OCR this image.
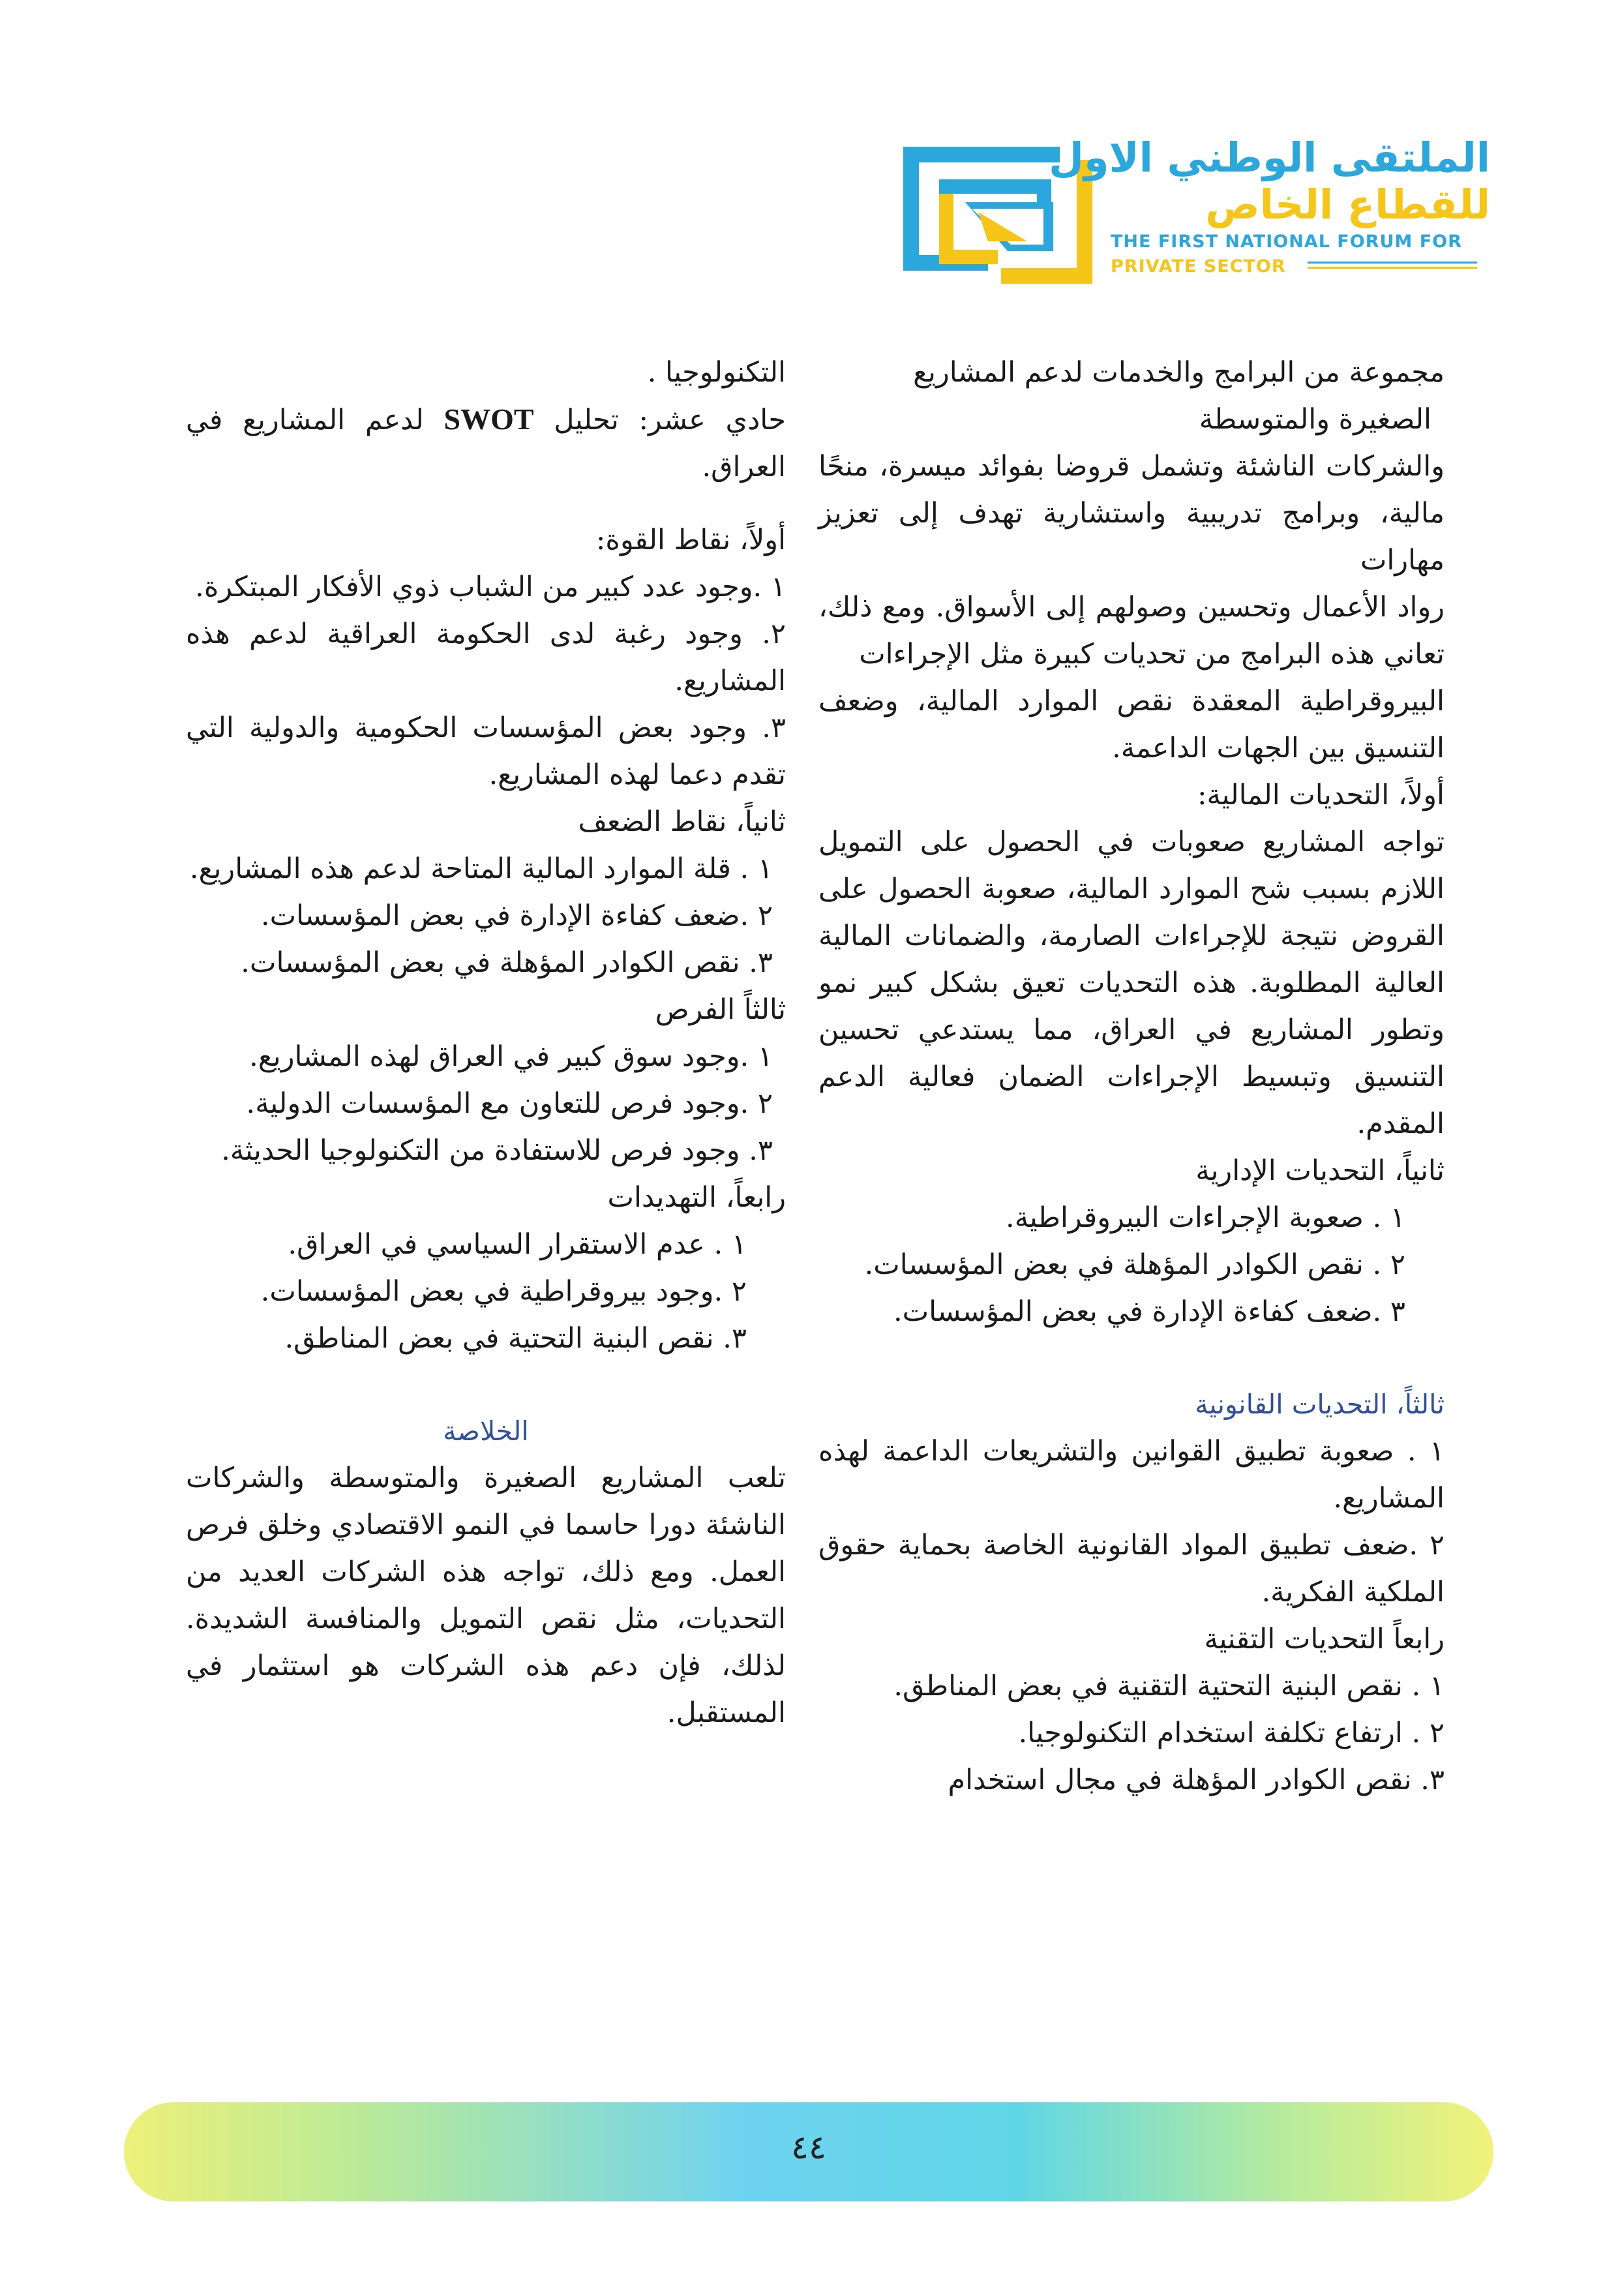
الملتقى الوطني الاول
للقطاع الخاص
THE FIRST NATIONAL FORUM FOR
PRIVATE SECTOR

مجموعة من البرامج والخدمات لدعم المشاريع

الصغيرة والمتوسطة

والشركات الناشئة وتشمل قروضا بفوائد ميسرة، منحًا مالية، وبرامج تدريبية واستشارية تهدف إلى تعزيز مهارات

رواد الأعمال وتحسين وصولهم إلى الأسواق. ومع ذلك، تعاني هذه البرامج من تحديات كبيرة مثل الإجراءات

البيروقراطية المعقدة نقص الموارد المالية، وضعف التنسيق بين الجهات الداعمة.

أولاً، التحديات المالية:

تواجه المشاريع صعوبات في الحصول على التمويل اللازم بسبب شح الموارد المالية، صعوبة الحصول على القروض نتيجة للإجراءات الصارمة، والضمانات المالية العالية المطلوبة. هذه التحديات تعيق بشكل كبير نمو وتطور المشاريع في العراق، مما يستدعي تحسين التنسيق وتبسيط الإجراءات الضمان فعالية الدعم المقدم.

ثانياً، التحديات الإدارية

١ . صعوبة الإجراءات البيروقراطية.

٢ . نقص الكوادر المؤهلة في بعض المؤسسات.

٣ .ضعف كفاءة الإدارة في بعض المؤسسات.

ثالثاً، التحديات القانونية

١ . صعوبة تطبيق القوانين والتشريعات الداعمة لهذه المشاريع.

٢ .ضعف تطبيق المواد القانونية الخاصة بحماية حقوق الملكية الفكرية.

رابعاً التحديات التقنية

١ . نقص البنية التحتية التقنية في بعض المناطق.

٢ . ارتفاع تكلفة استخدام التكنولوجيا.

٣. نقص الكوادر المؤهلة في مجال استخدام

التكنولوجيا .

حادي عشر: تحليل SWOT لدعم المشاريع في العراق.

أولاً، نقاط القوة:

١ .وجود عدد كبير من الشباب ذوي الأفكار المبتكرة.

٢. وجود رغبة لدى الحكومة العراقية لدعم هذه المشاريع.

٣. وجود بعض المؤسسات الحكومية والدولية التي تقدم دعما لهذه المشاريع.

ثانياً، نقاط الضعف

١ . قلة الموارد المالية المتاحة لدعم هذه المشاريع.

٢ .ضعف كفاءة الإدارة في بعض المؤسسات.

٣. نقص الكوادر المؤهلة في بعض المؤسسات.

ثالثاً الفرص

١ .وجود سوق كبير في العراق لهذه المشاريع.

٢ .وجود فرص للتعاون مع المؤسسات الدولية.

٣. وجود فرص للاستفادة من التكنولوجيا الحديثة.

رابعاً، التهديدات

١ . عدم الاستقرار السياسي في العراق.

٢ .وجود بيروقراطية في بعض المؤسسات.

٣. نقص البنية التحتية في بعض المناطق.

الخلاصة

تلعب المشاريع الصغيرة والمتوسطة والشركات الناشئة دورا حاسما في النمو الاقتصادي وخلق فرص العمل. ومع ذلك، تواجه هذه الشركات العديد من التحديات، مثل نقص التمويل والمنافسة الشديدة. لذلك، فإن دعم هذه الشركات هو استثمار في المستقبل.

٤٤
